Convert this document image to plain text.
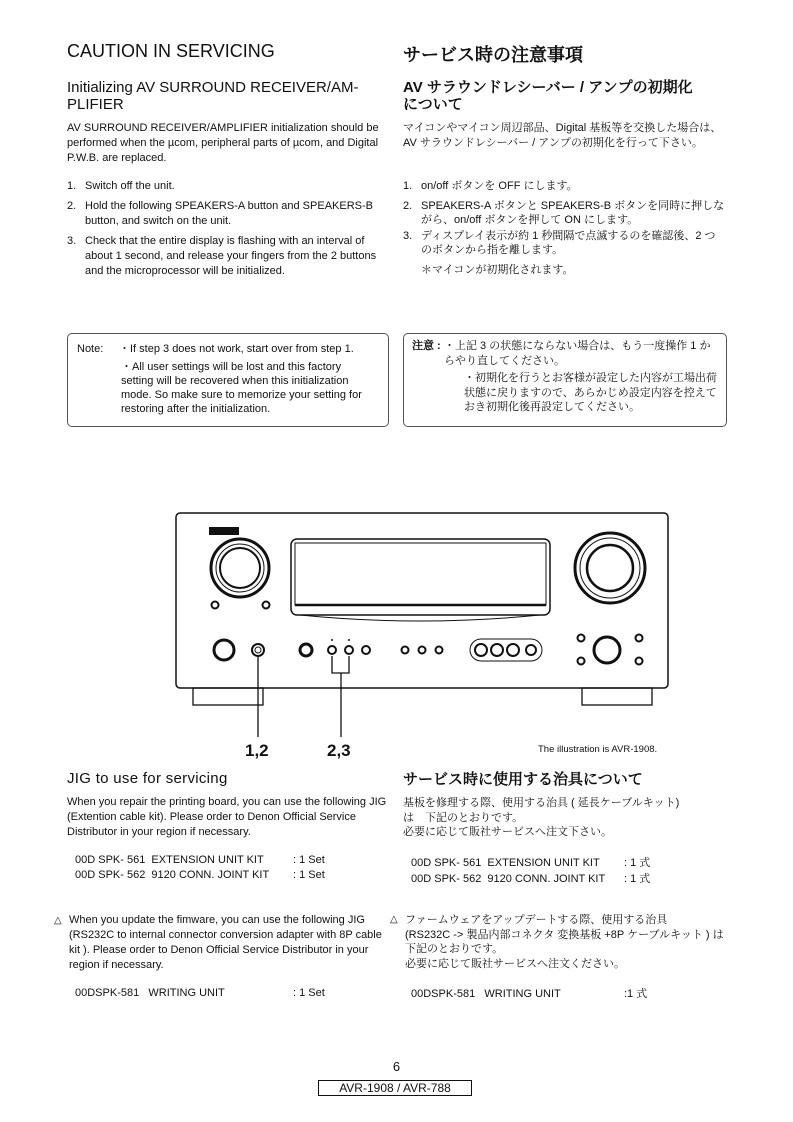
CAUTION IN SERVICING
Initializing AV SURROUND RECEIVER/AM-
PLIFIER
AV SURROUND RECEIVER/AMPLIFIER initialization should be performed when the µcom, peripheral parts of µcom, and Digital P.W.B. are replaced.
1. Switch off the unit.
2. Hold the following SPEAKERS-A button and SPEAKERS-B button, and switch on the unit.
3. Check that the entire display is flashing with an interval of about 1 second, and release your fingers from the 2 buttons and the microprocessor will be initialized.
Note:	・If step 3 does not work, start over from step 1.
・All user settings will be lost and this factory setting will be recovered when this initialization mode. So make sure to memorize your setting for restoring after the initialization.
サービス時の注意事項
AV サラウンドレシーバー / アンプの初期化
について
マイコンやマイコン周辺部品、Digital 基板等を交換した場合は、AV サラウンドレシーバー / アンプの初期化を行って下さい。
1. on/off ボタンを OFF にします。
2. SPEAKERS-A ボタンと SPEAKERS-B ボタンを同時に押しながら、on/off ボタンを押して ON にします。
3. ディスプレイ表示が約 1 秒間隔で点滅するのを確認後、2 つのボタンから指を離します。
＊マイコンが初期化されます。
注意 : ・上記 3 の状態にならない場合は、もう一度操作 1 からやり直してください。
・初期化を行うとお客様が設定した内容が工場出荷状態に戻りますので、あらかじめ設定内容を控えておき初期化後再設定してください。
1,2	2,3	The illustration is AVR-1908.
JIG to use for servicing
When you repair the printing board, you can use the following JIG (Extention cable kit). Please order to Denon Official Service Distributor in your region if necessary.
00D SPK- 561  EXTENSION UNIT KIT	: 1 Set
00D SPK- 562  9120 CONN. JOINT KIT	: 1 Set
△ When you update the fimware, you can use the following JIG (RS232C to internal connector conversion adapter with 8P cable kit ). Please order to Denon Official Service Distributor in your region if necessary.
00DSPK-581   WRITING UNIT	: 1 Set
サービス時に使用する治具について
基板を修理する際、使用する治具 ( 延長ケーブルキット)
は　下記のとおりです。
必要に応じて販社サービスへ注文下さい。
00D SPK- 561  EXTENSION UNIT KIT	: 1 式
00D SPK- 562  9120 CONN. JOINT KIT	: 1 式
△ ファームウェアをアップデートする際、使用する治具
(RS232C -> 製品内部コネクタ 変換基板 +8P ケーブルキット ) は下記のとおりです。
必要に応じて販社サービスへ注文ください。
00DSPK-581   WRITING UNIT	:1 式
6
AVR-1908 / AVR-788
